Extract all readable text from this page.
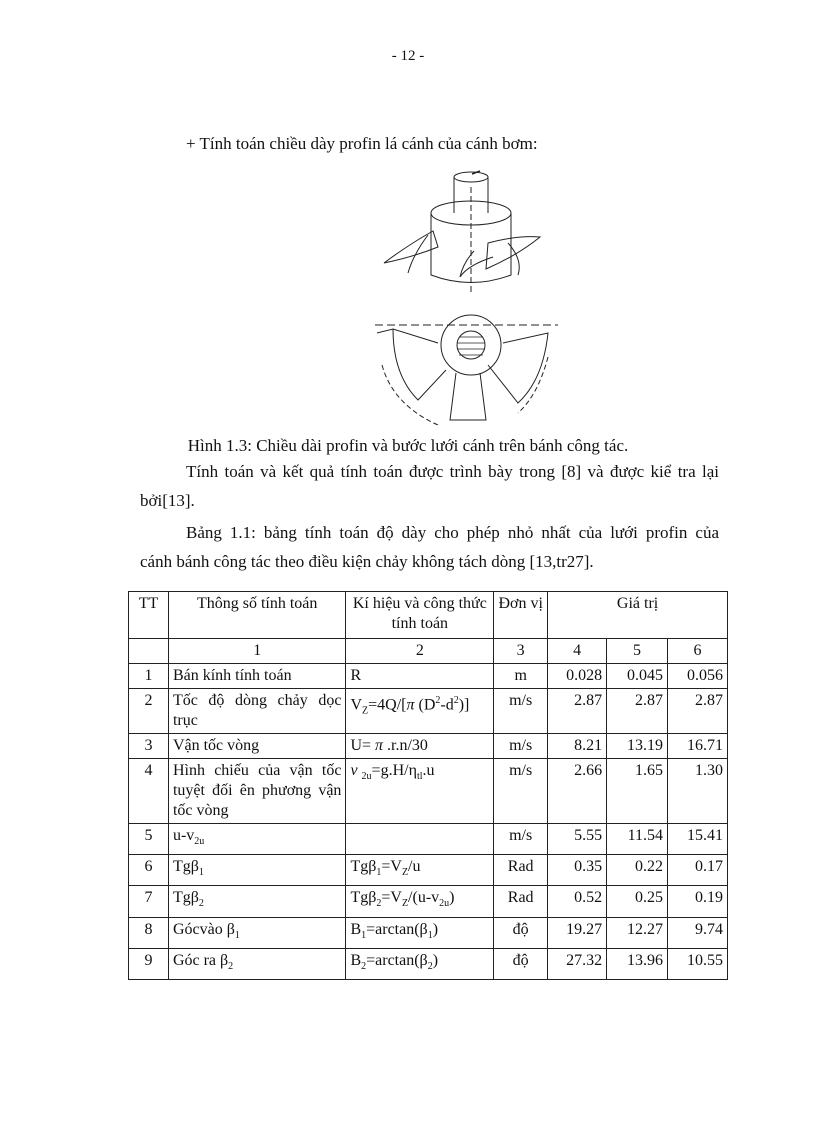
- 12 -

+ Tính toán chiều dày profin lá cánh của cánh bơm:

Hình 1.3: Chiều dài profin và bước lưới cánh trên bánh công tác.

Tính toán và kết quả tính toán được trình bày trong [8] và được kiể tra lại

bởi[13].

Bảng 1.1: bảng tính toán độ dày cho phép nhỏ nhất của lưới profin của

cánh bánh công tác theo điều kiện chảy không tách dòng [13,tr27].

TT	Thông số tính toán	Kí hiệu và công thức tính toán	Đơn vị	Giá trị		
	1	2	3	4	5	6
1	Bán kính tính toán	R	m	0.028	0.045	0.056
2	Tốc độ dòng chảy dọc trục	$V_Z=4Q/[\pi$ $(D^2-d^2)$]	m/s	2.87	2.87	2.87
3	Vận tốc vòng	U= π .r.n/30	m/s	8.21	13.19	16.71
4	Hình chiếu của vận tốc tuyệt đối ên phương vận tốc vòng	ν $_{2u}=g.H/\eta_{tl}.u$	m/s	2.66	1.65	1.30
5	$u-v_{2u}$		m/s	5.55	11.54	15.41
6	Tgβ$_1$	$Tg\beta_1=V_Z/u$	Rad	0.35	0.22	0.17
7	Tgβ$_2$	$Tg\beta_2=V_Z/(u-v_{2u})$	Rad	0.52	0.25	0.19
8	Gócvào $\beta_1$	$B_1=\arctan(\beta_1)$	độ	19.27	12.27	9.74
9	Góc ra $\beta_2$	$B_2=\arctan(\beta_2)$	độ	27.32	13.96	10.55
